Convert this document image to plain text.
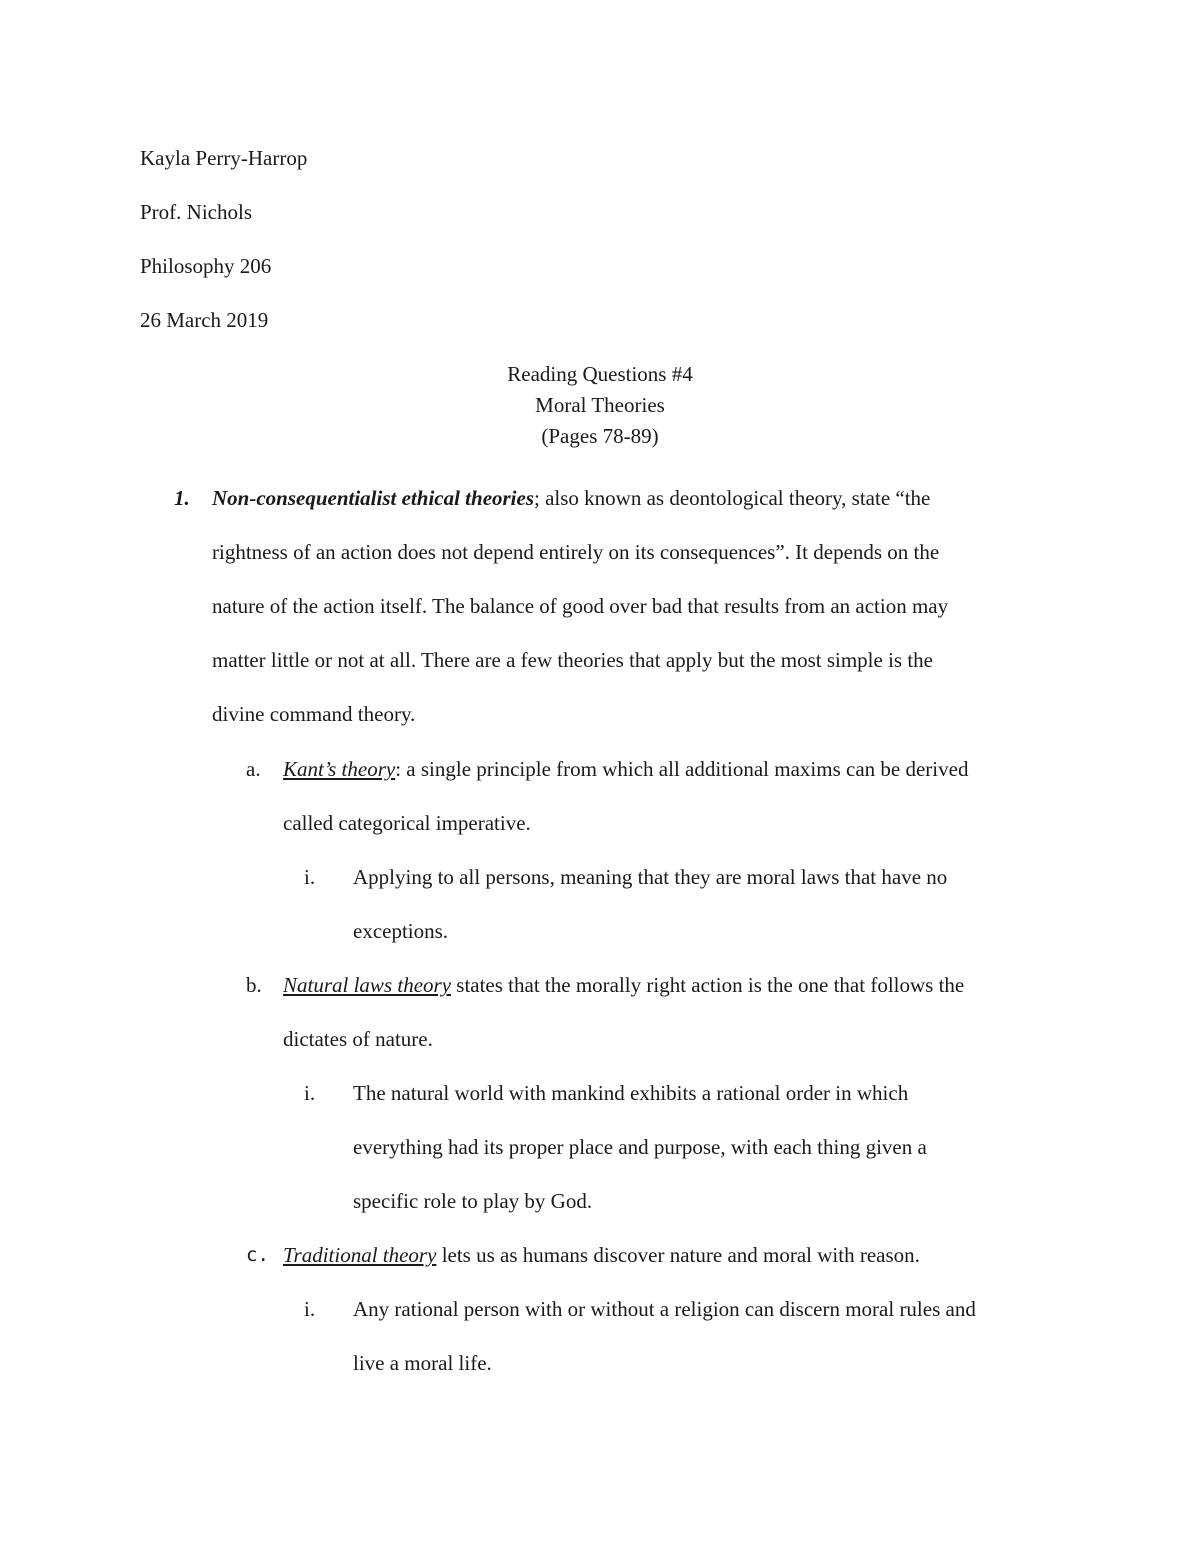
Kayla Perry-Harrop
Prof. Nichols
Philosophy 206
26 March 2019
Reading Questions #4
Moral Theories
(Pages 78-89)
1. Non-consequentialist ethical theories; also known as deontological theory, state “the
rightness of an action does not depend entirely on its consequences”. It depends on the
nature of the action itself. The balance of good over bad that results from an action may
matter little or not at all. There are a few theories that apply but the most simple is the
divine command theory.
a. Kant’s theory: a single principle from which all additional maxims can be derived
called categorical imperative.
i. Applying to all persons, meaning that they are moral laws that have no
exceptions.
b. Natural laws theory states that the morally right action is the one that follows the
dictates of nature.
i. The natural world with mankind exhibits a rational order in which
everything had its proper place and purpose, with each thing given a
specific role to play by God.
c. Traditional theory lets us as humans discover nature and moral with reason.
i. Any rational person with or without a religion can discern moral rules and
live a moral life.
